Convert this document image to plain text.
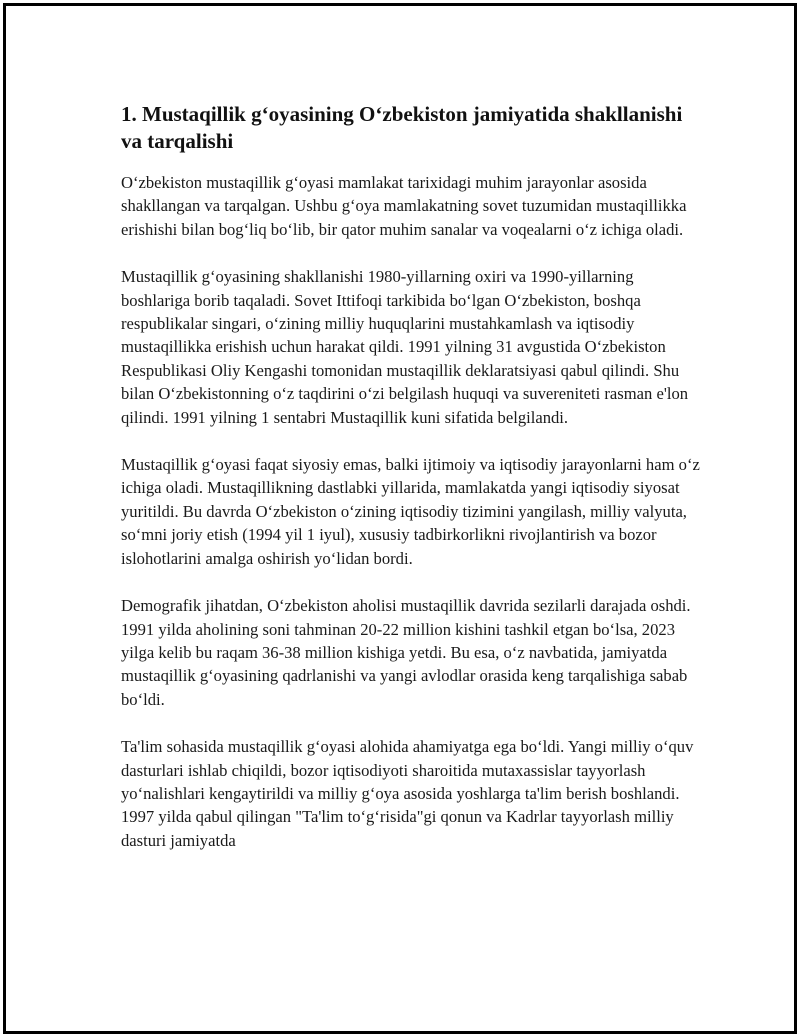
1. Mustaqillik g‘oyasining O‘zbekiston jamiyatida shakllanishi va tarqalishi

O‘zbekiston mustaqillik g‘oyasi mamlakat tarixidagi muhim jarayonlar asosida shakllangan va tarqalgan. Ushbu g‘oya mamlakatning sovet tuzumidan mustaqillikka erishishi bilan bog‘liq bo‘lib, bir qator muhim sanalar va voqealarni o‘z ichiga oladi.

Mustaqillik g‘oyasining shakllanishi 1980-yillarning oxiri va 1990-yillarning boshlariga borib taqaladi. Sovet Ittifoqi tarkibida bo‘lgan O‘zbekiston, boshqa respublikalar singari, o‘zining milliy huquqlarini mustahkamlash va iqtisodiy mustaqillikka erishish uchun harakat qildi. 1991 yilning 31 avgustida O‘zbekiston Respublikasi Oliy Kengashi tomonidan mustaqillik deklaratsiyasi qabul qilindi. Shu bilan O‘zbekistonning o‘z taqdirini o‘zi belgilash huquqi va suvereniteti rasman e'lon qilindi. 1991 yilning 1 sentabri Mustaqillik kuni sifatida belgilandi.

Mustaqillik g‘oyasi faqat siyosiy emas, balki ijtimoiy va iqtisodiy jarayonlarni ham o‘z ichiga oladi. Mustaqillikning dastlabki yillarida, mamlakatda yangi iqtisodiy siyosat yuritildi. Bu davrda O‘zbekiston o‘zining iqtisodiy tizimini yangilash, milliy valyuta, so‘mni joriy etish (1994 yil 1 iyul), xususiy tadbirkorlikni rivojlantirish va bozor islohotlarini amalga oshirish yo‘lidan bordi.

Demografik jihatdan, O‘zbekiston aholisi mustaqillik davrida sezilarli darajada oshdi. 1991 yilda aholining soni tahminan 20-22 million kishini tashkil etgan bo‘lsa, 2023 yilga kelib bu raqam 36-38 million kishiga yetdi. Bu esa, o‘z navbatida, jamiyatda mustaqillik g‘oyasining qadrlanishi va yangi avlodlar orasida keng tarqalishiga sabab bo‘ldi.

Ta'lim sohasida mustaqillik g‘oyasi alohida ahamiyatga ega bo‘ldi. Yangi milliy o‘quv dasturlari ishlab chiqildi, bozor iqtisodiyoti sharoitida mutaxassislar tayyorlash yo‘nalishlari kengaytirildi va milliy g‘oya asosida yoshlarga ta'lim berish boshlandi. 1997 yilda qabul qilingan "Ta'lim to‘g‘risida"gi qonun va Kadrlar tayyorlash milliy dasturi jamiyatda
